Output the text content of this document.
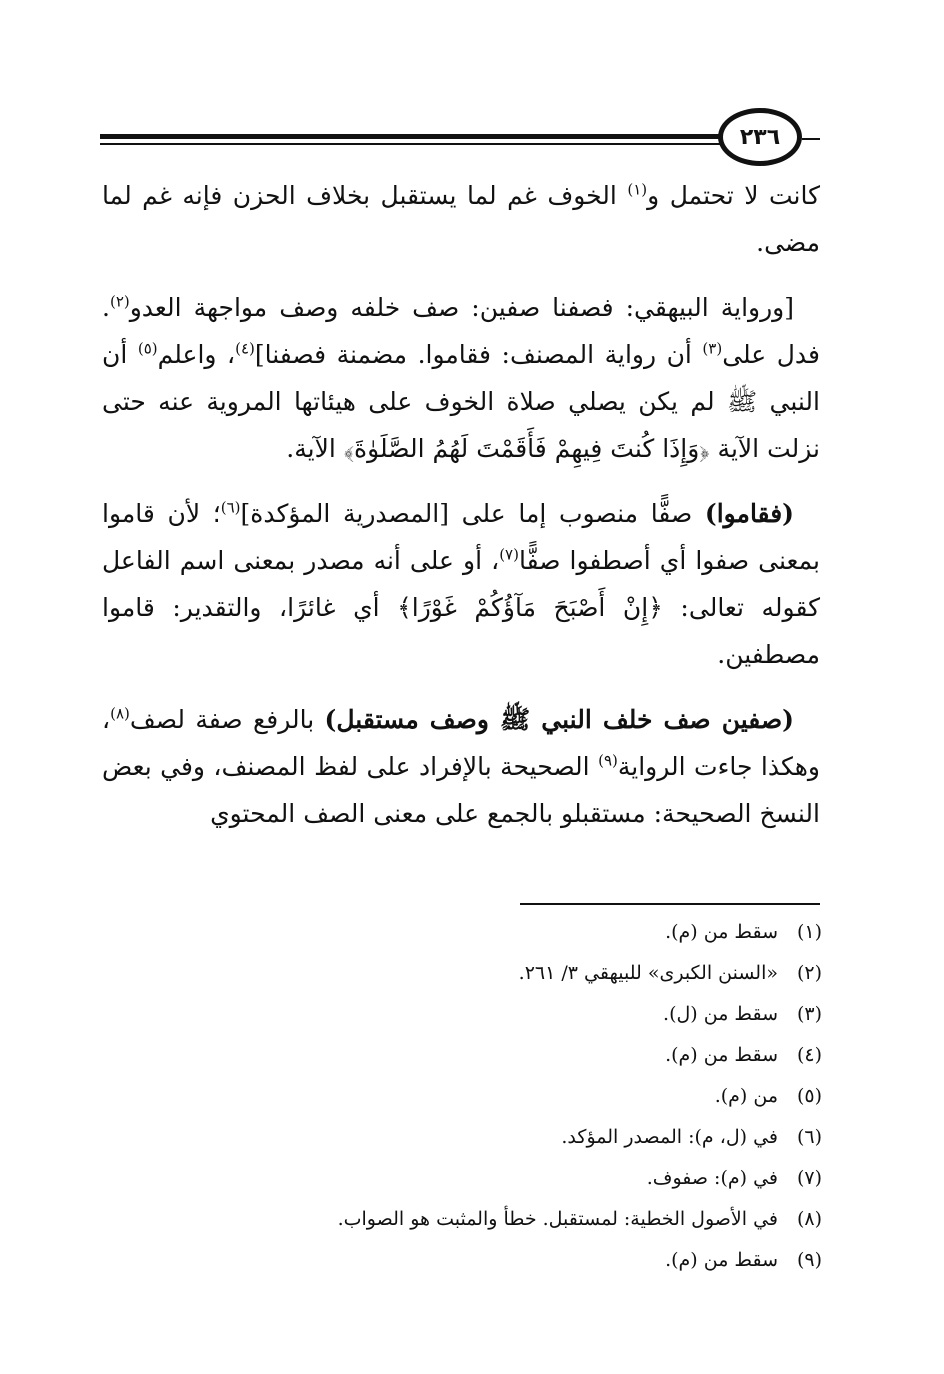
٢٣٦

كانت لا تحتمل و$^{(١)}$ الخوف غم لما يستقبل بخلاف الحزن فإنه غم لما مضى.

[ورواية البيهقي: فصفنا صفين: صف خلفه وصف مواجهة العدو$^{(٢)}$. فدل على$^{(٣)}$ أن رواية المصنف: فقاموا. مضمنة فصفنا]$^{(٤)}$، واعلم$^{(٥)}$ أن النبي ﷺ لم يكن يصلي صلاة الخوف على هيئاتها المروية عنه حتى نزلت الآية ﴿وَإِذَا كُنتَ فِيهِمْ فَأَقَمْتَ لَهُمُ الصَّلَوٰةَ﴾ الآية.

(فقاموا) صفًّا منصوب إما على [المصدرية المؤكدة]$^{(٦)}$؛ لأن قاموا بمعنى صفوا أي أصطفوا صفًّا$^{(٧)}$، أو على أنه مصدر بمعنى اسم الفاعل كقوله تعالى: ﴿إِنْ أَصْبَحَ مَآؤُكُمْ غَوْرًا﴾ أي غائرًا، والتقدير: قاموا مصطفين.

(صفين صف خلف النبي ﷺ وصف مستقبل) بالرفع صفة لصف$^{(٨)}$، وهكذا جاءت الرواية$^{(٩)}$ الصحيحة بالإفراد على لفظ المصنف، وفي بعض النسخ الصحيحة: مستقبلو بالجمع على معنى الصف المحتوي

(١)
سقط من (م).
(٢)
«السنن الكبرى» للبيهقي ٣/ ٢٦١.
(٣)
سقط من (ل).
(٤)
سقط من (م).
(٥)
من (م).
(٦)
في (ل، م): المصدر المؤكد.
(٧)
في (م): صفوف.
(٨)
في الأصول الخطية: لمستقبل. خطأ والمثبت هو الصواب.
(٩)
سقط من (م).
